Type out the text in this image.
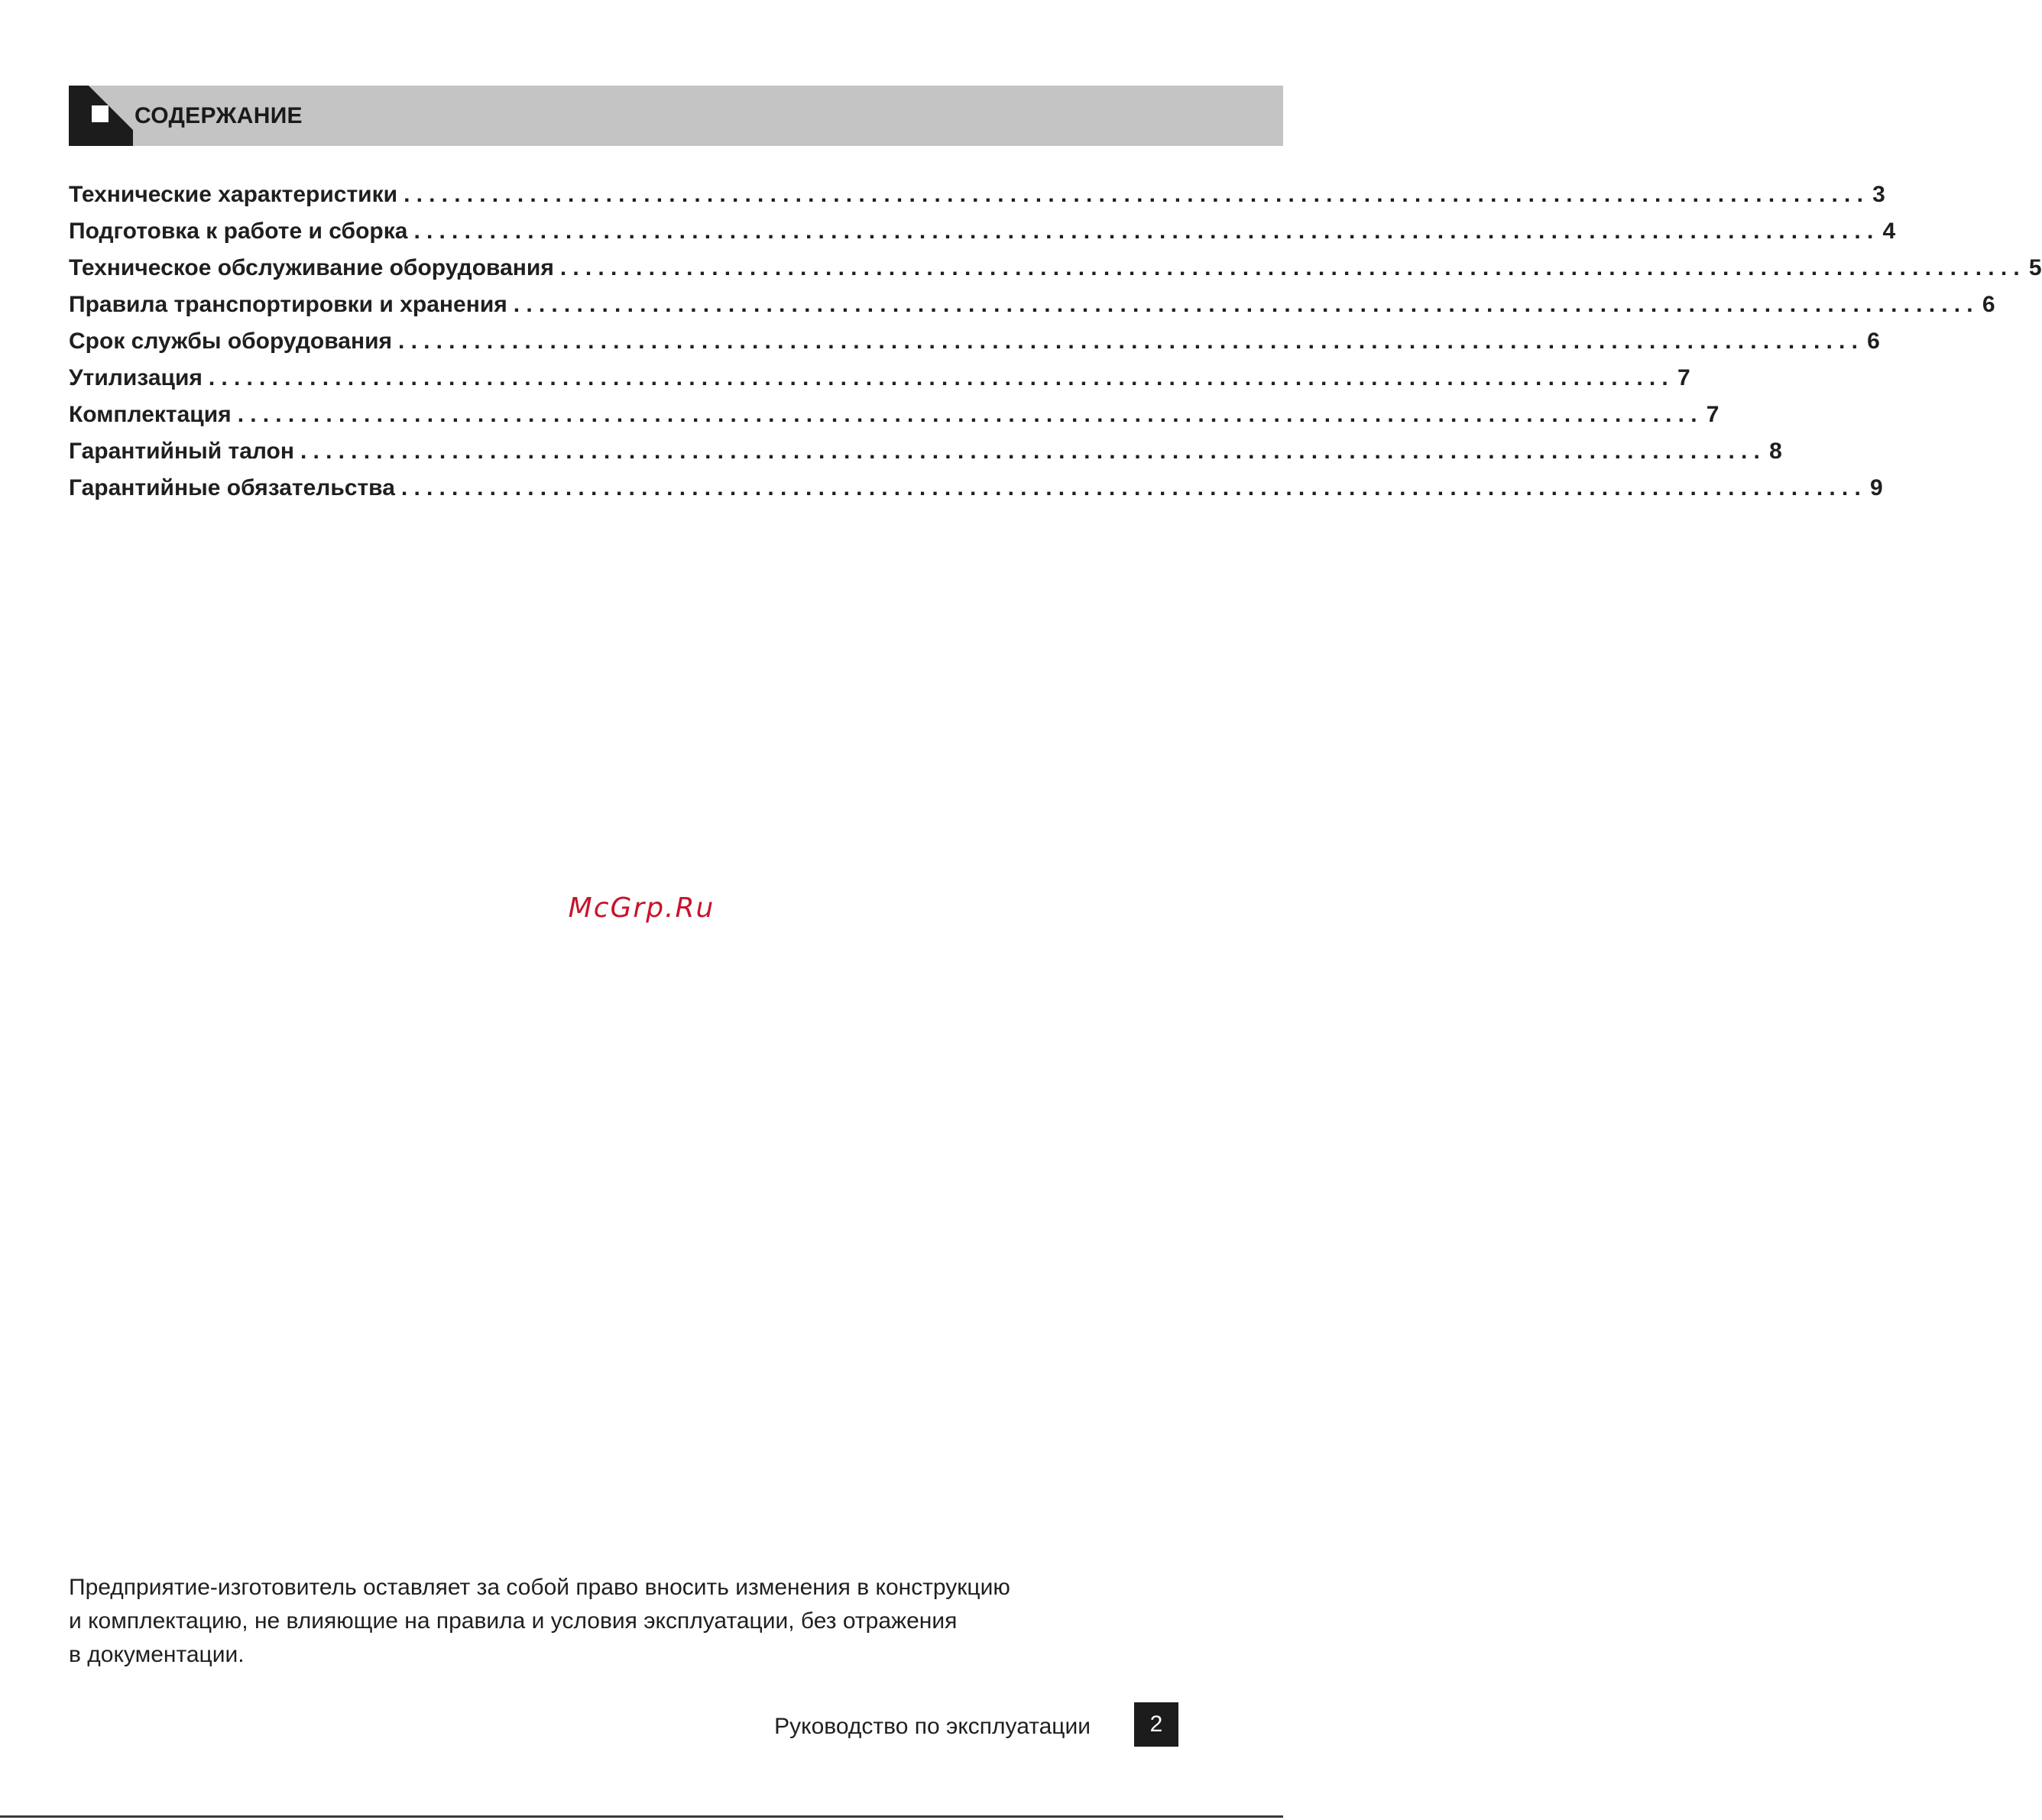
СОДЕРЖАНИЕ
Технические характеристики .................................................................................................................... 3
Подготовка к работе и сборка .................................................................................................................... 4
Техническое обслуживание оборудования .................................................................................................................... 5
Правила транспортировки и хранения .................................................................................................................... 6
Срок службы оборудования .................................................................................................................... 6
Утилизация .................................................................................................................... 7
Комплектация .................................................................................................................... 7
Гарантийный талон .................................................................................................................... 8
Гарантийные обязательства .................................................................................................................... 9
McGrp.Ru

Предприятие-изготовитель оставляет за собой право вносить изменения в конструкцию

и комплектацию, не влияющие на правила и условия эксплуатации, без отражения

в документации.

Руководство по эксплуатации	2
